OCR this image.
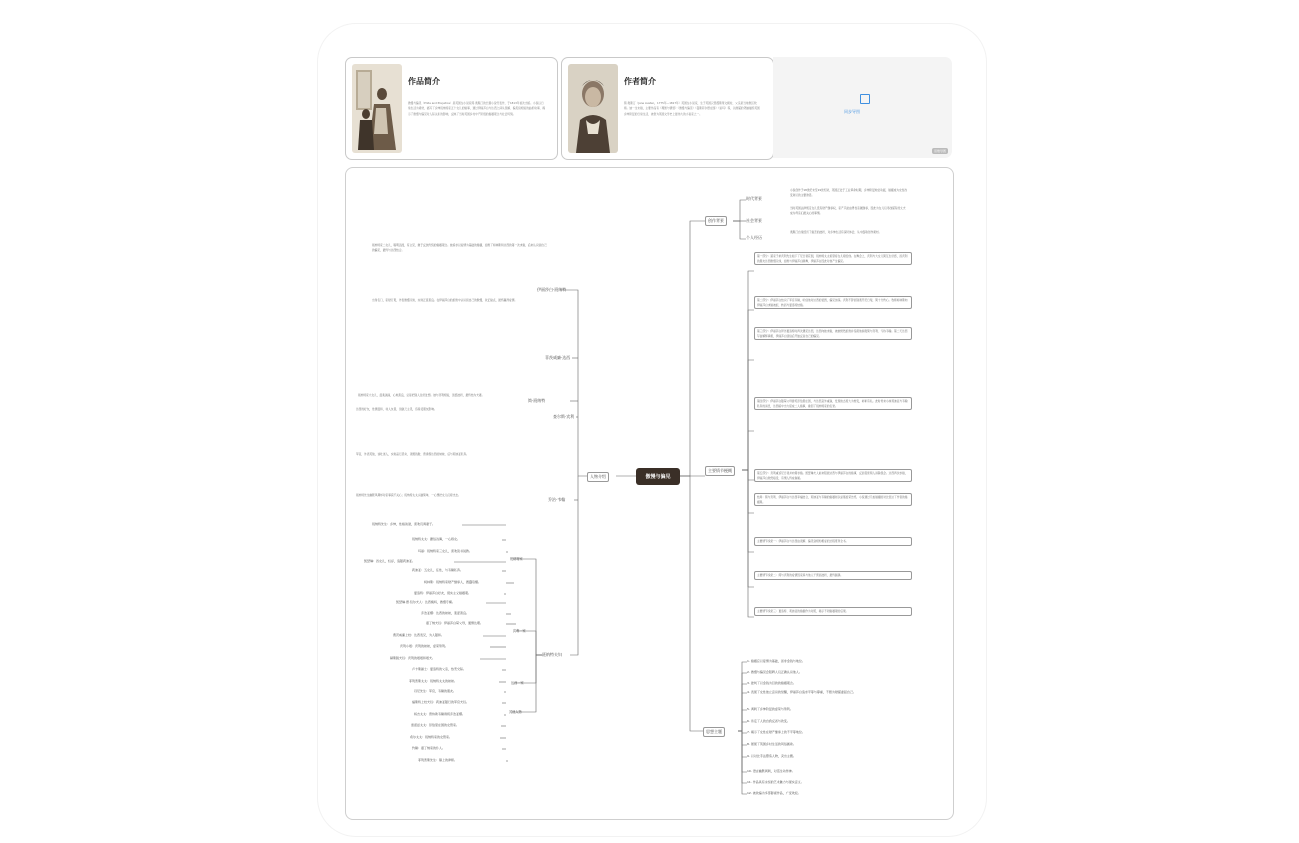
作品简介
傲慢与偏见（Pride and Prejudice）是英国女小说家简·奥斯汀的长篇小说代表作，于1813年首次出版。小说以日常生活为素材，描写了乡绅班纳特家五个女儿的婚事，通过伊丽莎白与达西之间从误解、偏见到相爱的曲折故事，揭示了傲慢与偏见对人际关系的影响，反映了当时英国乡村中产阶级的婚姻观念与社会风貌。
作者简介
简·奥斯汀（Jane Austen，1775年—1817年）英国女小说家，生于英国汉普郡斯蒂文顿村，父亲是当地教区牧师。她一生未婚，主要作品有《理智与情感》《傲慢与偏见》《曼斯菲尔德庄园》《爱玛》等，以细腻的笔触描绘英国乡绅阶层的日常生活，被誉为英国文学史上最伟大的小说家之一。	同步导图
思维导图
傲慢与偏见
创作背景
主要情节梗概
人物介绍
思想主题
时代背景
小说创作于18世纪末至19世纪初，英国正处于工业革命时期，乡绅阶层地位动摇，婚姻成为女性改变命运的主要途径。
社会背景
当时英国法律规定女儿没有财产继承权，家产只能由男性亲属继承，因此为女儿们寻找富有的丈夫成为母亲们最关心的事情。
个人经历
奥斯汀自身经历了婚恋的波折，对乡绅生活有深切体会，从中汲取创作素材。
第一部分：富家子弟宾利先生租下了尼日斐花园，班纳特太太希望将女儿嫁给他。在舞会上，宾利与大女儿简互生好感，而宾利的朋友达西傲慢冷淡，拒绝与伊丽莎白跳舞，伊丽莎白因此对他产生偏见。
第二部分：伊丽莎白结识了军官韦翰，听信他对达西的诋毁，偏见加深。宾利不辞而别离开尼日斐，简十分伤心。牧师柯林斯向伊丽莎白求婚被拒，转而与夏洛特结婚。
第三部分：伊丽莎白拜访夏洛特时再次遇见达西，达西向她求婚，被她愤然拒绝并指责他拆散简与宾利、亏待韦翰。第二天达西写信解释真相，伊丽莎白读信后开始反省自己的偏见。
第四部分：伊丽莎白随舅父母游览彭伯里庄园，与达西意外重逢，发现他态度大为转变，彬彬有礼。此时传来小妹莉迪亚与韦翰私奔的消息，达西暗中出力促成二人婚事，挽回了班纳特家的名誉。
第五部分：宾利重返尼日斐并向简求婚。凯瑟琳夫人前来阻挠达西与伊丽莎白的婚事，反而促使两人消除误会。达西再次求婚，伊丽莎白欣然接受，有情人终成眷属。
结局：简与宾利、伊丽莎白与达西幸福结合，莉迪亚与韦翰的婚姻则以爱慕虚荣告终，小说通过几桩婚姻的对比表达了作者的婚姻观。
主要情节线索一：伊丽莎白与达西由误解、偏见到相知相爱的过程贯穿全书。
主要情节线索二：简与宾利的爱情因家庭与他人干预而波折，最终圆满。
主要情节线索三：夏洛特、莉迪亚的婚姻作为对照，揭示不同婚姻观的后果。
班纳特家二女儿，聪明活泼，有主见，敢于反抗传统的婚姻观念。她追求以爱情为基础的婚姻，拒绝了柯林斯和达西的第一次求婚，后来认识到自己的偏见，最终与达西结合。
伊丽莎白·班纳特
出身名门，家财万贯，外表傲慢冷淡，实则正直善良。在伊丽莎白的拒绝中认识到自己的傲慢，改正缺点，最终赢得爱情。
菲茨威廉·达西
班纳特家大女儿，温柔美丽，心地善良，总是把别人往好处想。她与宾利相爱，虽经波折，最终结为夫妻。
简·班纳特
达西的好友，性情温和，待人友善，但缺乏主见，容易受朋友影响。
查尔斯·宾利
军官，外表英俊，谈吐迷人，实则品行恶劣，贪图钱财，曾诱拐达西的妹妹，后与莉迪亚私奔。
乔治·韦翰
班纳特先生幽默风趣却对家事漠不关心；班纳特太太头脑简单，一心想把女儿们嫁出去。
班纳特夫妇
班纳特先生：乡绅，性格诙谐，喜欢讥讽妻子。
班纳特太太：庸俗浅薄，一心嫁女。
玛丽：班纳特家三女儿，喜欢读书说教。
凯瑟琳：四女儿，轻浮，追随莉迪亚。
莉迪亚：五女儿，任性，与韦翰私奔。
柯林斯：班纳特家财产继承人，愚蠢谄媚。
夏洛特：伊丽莎白好友，现实主义婚姻观。
凯瑟琳·德·包尔夫人：达西姨妈，傲慢专横。
乔治亚娜：达西的妹妹，羞涩善良。
嘉丁纳夫妇：伊丽莎白舅父母，通情达理。
费茨威廉上校：达西表兄，为人随和。
宾利小姐：宾利的妹妹，虚荣势利。
赫斯脱夫妇：宾利的姐姐和姐夫。
卢卡斯爵士：夏洛特的父亲，热衷交际。
菲利普斯太太：班纳特太太的妹妹。
丹尼先生：军官，韦翰的朋友。
福斯特上校夫妇：莉迪亚随行的军官夫妇。
杨吉太太：曾协助韦翰诱拐乔治亚娜。
雷诺兹太太：彭伯里庄园的女管家。
希尔太太：班纳特家的女管家。
约翰：嘉丁纳家的仆人。
菲利普斯先生：镇上的律师。
班纳特家
宾利一家
达西一家
其他人物
1. 婚姻应以爱情为基础，而非金钱与地位。
2. 傲慢与偏见会阻碍人们正确认识他人。
3. 批判了以金钱为目的的婚姻观念。
4. 表现了女性独立意识的觉醒，伊丽莎白追求平等与尊重，不愿为财富委屈自己。
5. 讽刺了乡绅阶层的虚荣与势利。
6. 肯定了人的自我反省与改变。
7. 揭示了女性在财产继承上的不平等地位。
8. 展现了英国乡村生活的风俗画卷。
9. 以对比手法塑造人物，突出主题。
10. 语言幽默讽刺，对话生动传神。
11. 作品具有永恒的艺术魅力与现实意义。
12. 被改编为多部影视作品，广受欢迎。
